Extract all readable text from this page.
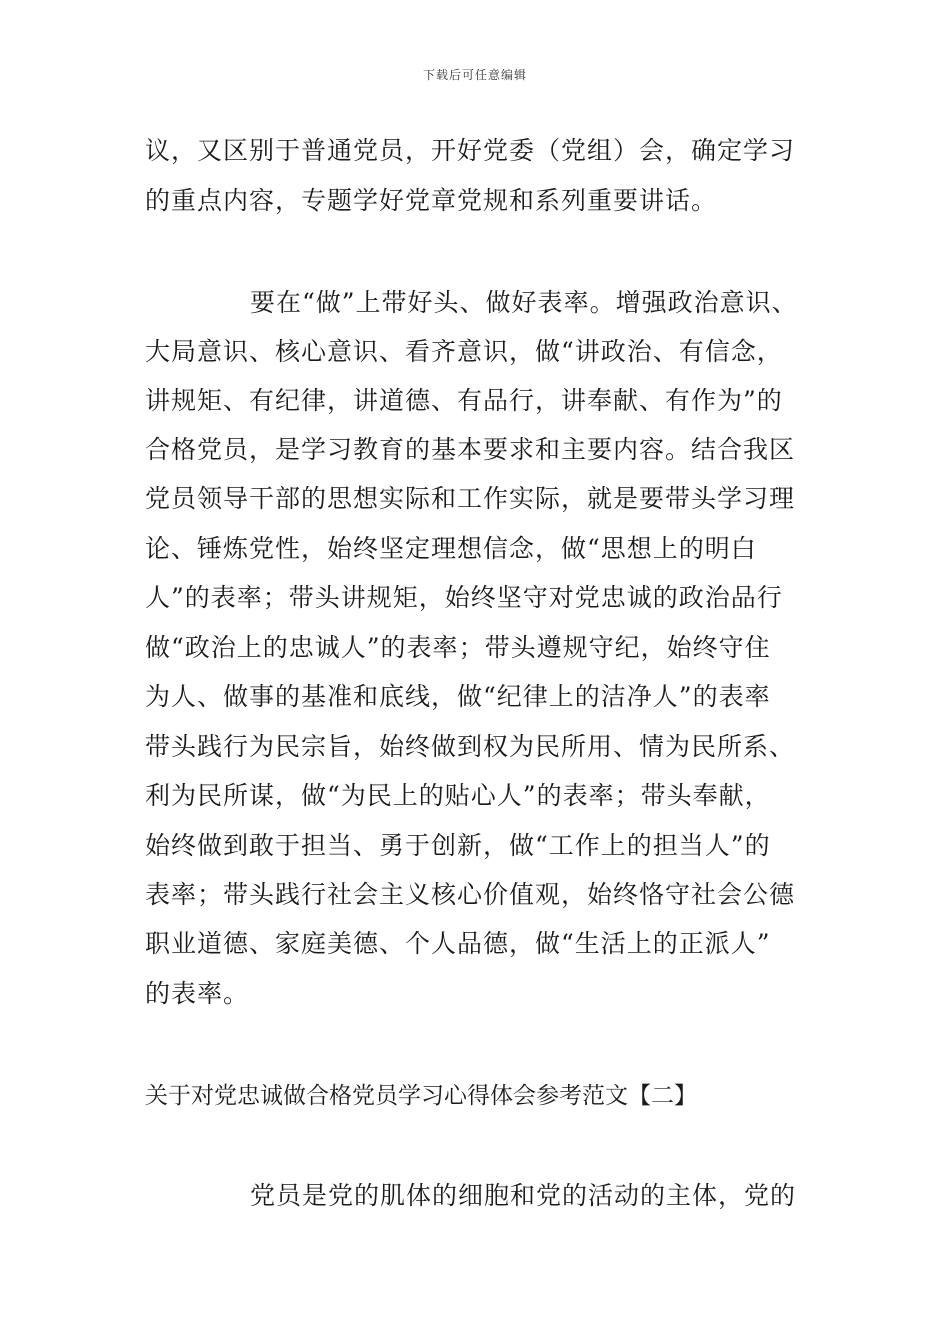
下载后可任意编辑
议，又区别于普通党员，开好党委（党组）会，确定学习
的重点内容，专题学好党章党规和系列重要讲话。
要在“做”上带好头、做好表率。增强政治意识、
大局意识、核心意识、看齐意识，做“讲政治、有信念，
讲规矩、有纪律，讲道德、有品行，讲奉献、有作为”的
合格党员，是学习教育的基本要求和主要内容。结合我区
党员领导干部的思想实际和工作实际，就是要带头学习理
论、锤炼党性，始终坚定理想信念，做“思想上的明白
人”的表率；带头讲规矩，始终坚守对党忠诚的政治品行
做“政治上的忠诚人”的表率；带头遵规守纪，始终守住
为人、做事的基准和底线，做“纪律上的洁净人”的表率
带头践行为民宗旨，始终做到权为民所用、情为民所系、
利为民所谋，做“为民上的贴心人”的表率；带头奉献，
始终做到敢于担当、勇于创新，做“工作上的担当人”的
表率；带头践行社会主义核心价值观，始终恪守社会公德
职业道德、家庭美德、个人品德，做“生活上的正派人”
的表率。
关于对党忠诚做合格党员学习心得体会参考范文【二】
党员是党的肌体的细胞和党的活动的主体，党的
